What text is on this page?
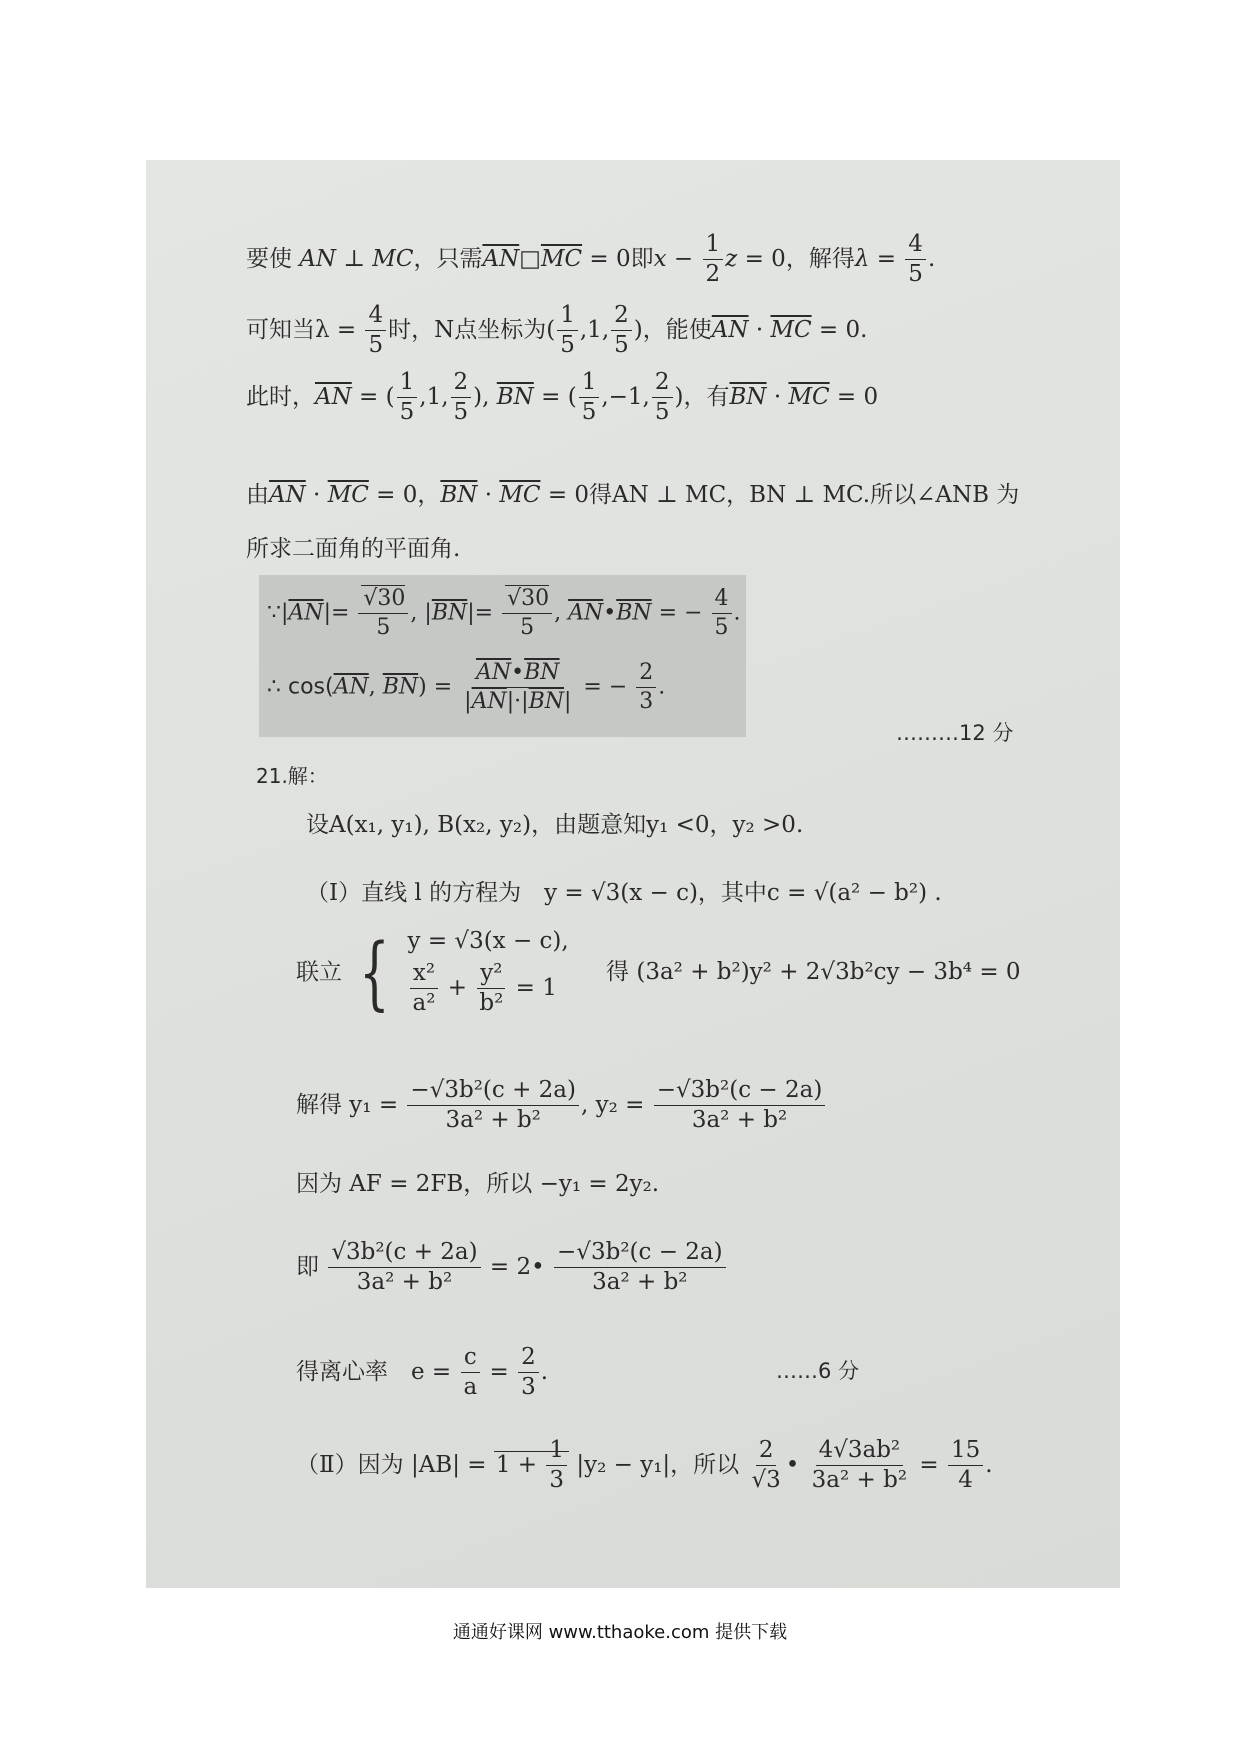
要使 AN ⊥ MC，只需$\overline{AN}□\overline{MC} = 0$即$x - \frac{1}{2}$ z = 0，解得$\lambda = \frac{4}{5}$ .
可知当$\lambda = \frac{4}{5}$ 时，N点坐标为( $\frac{1}{5} ,1$, $\frac{2}{5}$ )，能使$\overline{AN} \cdot \overline{MC} = 0$.
此时，$\overline{AN}$ = ( $\frac{1}{5} ,1$, $\frac{2}{5}$ ), $\overline{BN}$ = ( $\frac{1}{5} ,-1$, $\frac{2}{5}$ )，有$\overline{BN} \cdot \overline{MC} = 0$
由$\overline{AN} \cdot \overline{MC} = 0$，$\overline{BN} \cdot \overline{MC} = 0$得AN ⊥ MC，BN ⊥ MC.所以∠ANB 为
所求二面角的平面角.
$\because|\overline{AN}|= \frac{√30}{5}$ , $|\overline{BN}|= \frac{√30}{5}$ , $\overline{AN}•\overline{BN}$ = − $\frac{4}{5}$ .
∴ $\cos(\overline{AN}$, $\overline{BN}) = \frac{\overline{AN}•\overline{BN}}{|\overline{AN}|\cdot|\overline{BN}|}$ = − $\frac{2}{3}$ .
………12 分
21.解：
设A(x₁, y₁), B(x₂, y₂)，由题意知y₁ <0，y₂ >0.
（Ⅰ）直线 l 的方程为　y = √3(x − c)，其中c = √(a² − b²) .
联立 { y = √3(x − c),
$\frac{\text{x²}}{\text{a²}} + \frac{\text{y²}}{\text{b²}} = 1$
得 (3a² + b²)y² + 2√3b²cy − 3b⁴ = 0
解得 $y_1 = \frac{\text{−√3b²(c + 2a)}}{\text{3a² + b²}}$ , $y_2 = \frac{\text{−√3b²(c − 2a)}}{\text{3a² + b²}}$
因为 AF = 2FB，所以 −y₁ = 2y₂.
即 $\frac{\text{√3b²(c + 2a)}}{\text{3a² + b²}}$ = 2• $\frac{\text{−√3b²(c − 2a)}}{\text{3a² + b²}}$
得离心率　$e = \frac{c}{a} = \frac{2}{3}$ .	……6 分
（Ⅱ）因为 $|AB| = 1 + \frac{1}{3} |y_2 - y_1|$，所以 $\frac{2}{√3}$ • $\frac{\text{4√3ab²}}{\text{3a² + b²}} = \frac{15}{4}$ .
通通好课网 www.tthaoke.com 提供下载
